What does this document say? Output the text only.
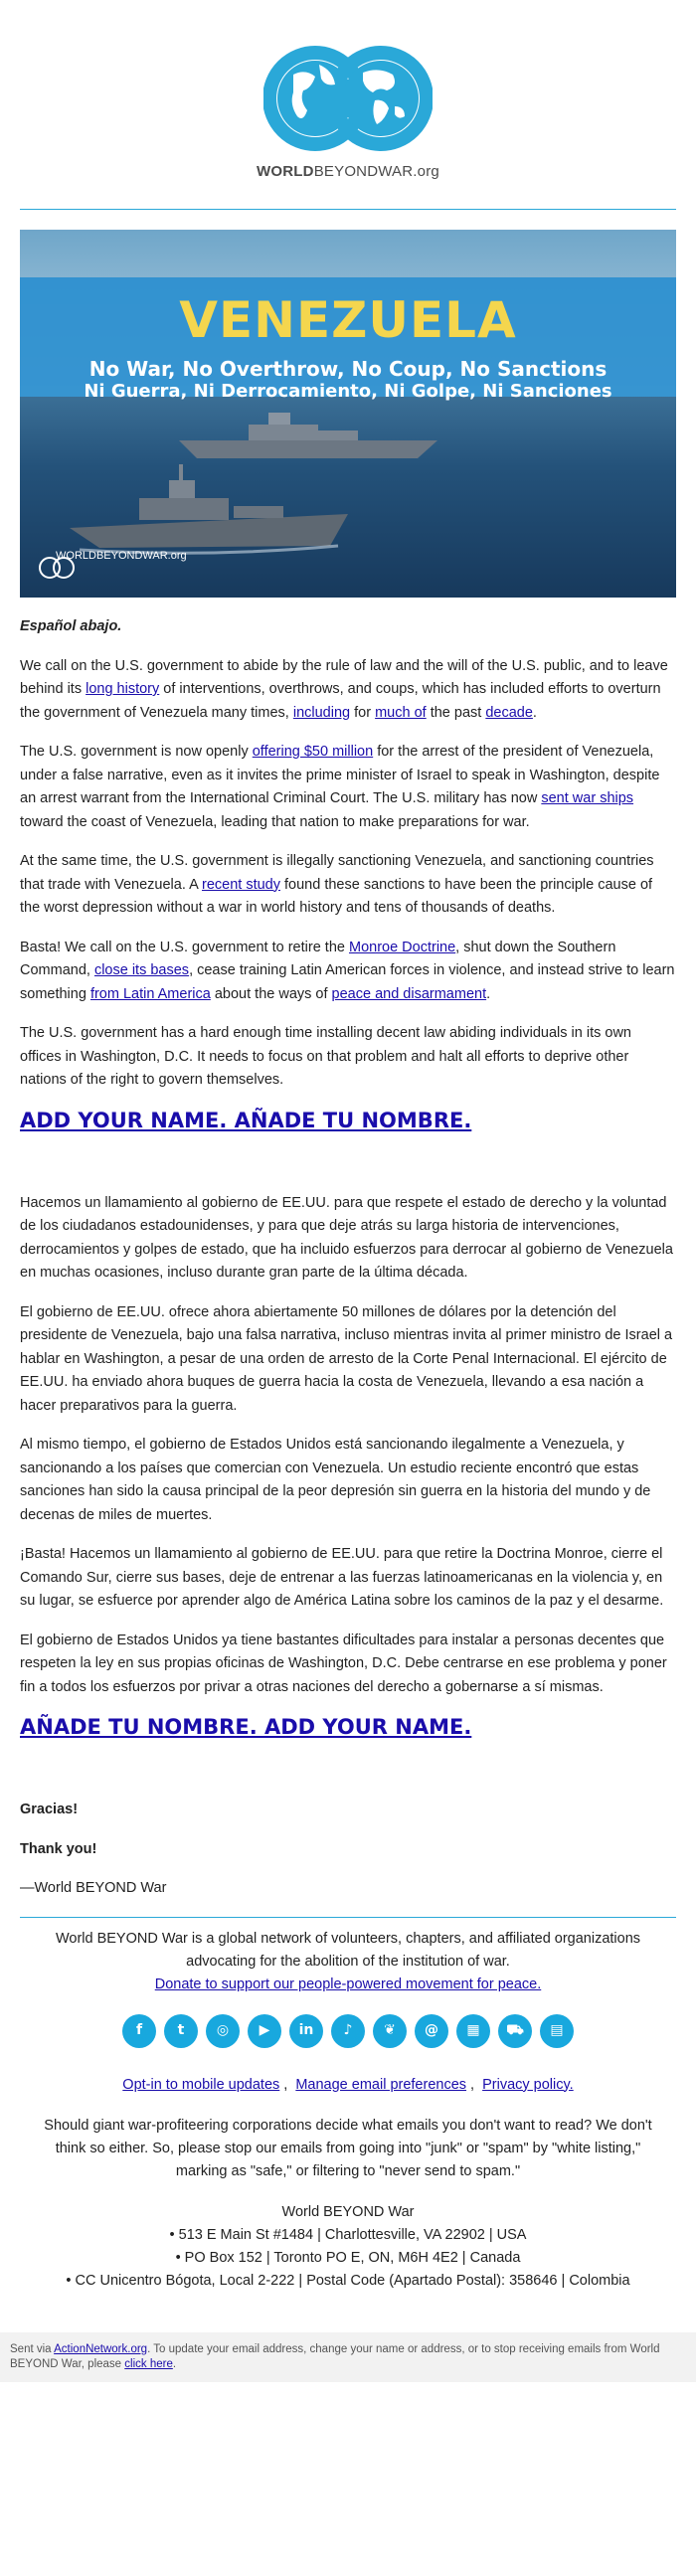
WORLDBEYONDWAR.org
VENEZUELA
No War, No Overthrow, No Coup, No Sanctions
Ni Guerra, Ni Derrocamiento, Ni Golpe, Ni Sanciones
WORLDBEYONDWAR.org

Español abajo.

We call on the U.S. government to abide by the rule of law and the will of the U.S. public, and to leave behind its long history of interventions, overthrows, and coups, which has included efforts to overturn the government of Venezuela many times, including for much of the past decade.

The U.S. government is now openly offering $50 million for the arrest of the president of Venezuela, under a false narrative, even as it invites the prime minister of Israel to speak in Washington, despite an arrest warrant from the International Criminal Court. The U.S. military has now sent war ships toward the coast of Venezuela, leading that nation to make preparations for war.

At the same time, the U.S. government is illegally sanctioning Venezuela, and sanctioning countries that trade with Venezuela. A recent study found these sanctions to have been the principle cause of the worst depression without a war in world history and tens of thousands of deaths.

Basta! We call on the U.S. government to retire the Monroe Doctrine, shut down the Southern Command, close its bases, cease training Latin American forces in violence, and instead strive to learn something from Latin America about the ways of peace and disarmament.

The U.S. government has a hard enough time installing decent law abiding individuals in its own offices in Washington, D.C. It needs to focus on that problem and halt all efforts to deprive other nations of the right to govern themselves.

ADD YOUR NAME. AÑADE TU NOMBRE.

Hacemos un llamamiento al gobierno de EE.UU. para que respete el estado de derecho y la voluntad de los ciudadanos estadounidenses, y para que deje atrás su larga historia de intervenciones, derrocamientos y golpes de estado, que ha incluido esfuerzos para derrocar al gobierno de Venezuela en muchas ocasiones, incluso durante gran parte de la última década.

El gobierno de EE.UU. ofrece ahora abiertamente 50 millones de dólares por la detención del presidente de Venezuela, bajo una falsa narrativa, incluso mientras invita al primer ministro de Israel a hablar en Washington, a pesar de una orden de arresto de la Corte Penal Internacional. El ejército de EE.UU. ha enviado ahora buques de guerra hacia la costa de Venezuela, llevando a esa nación a hacer preparativos para la guerra.

Al mismo tiempo, el gobierno de Estados Unidos está sancionando ilegalmente a Venezuela, y sancionando a los países que comercian con Venezuela. Un estudio reciente encontró que estas sanciones han sido la causa principal de la peor depresión sin guerra en la historia del mundo y de decenas de miles de muertes.

¡Basta! Hacemos un llamamiento al gobierno de EE.UU. para que retire la Doctrina Monroe, cierre el Comando Sur, cierre sus bases, deje de entrenar a las fuerzas latinoamericanas en la violencia y, en su lugar, se esfuerce por aprender algo de América Latina sobre los caminos de la paz y el desarme.

El gobierno de Estados Unidos ya tiene bastantes dificultades para instalar a personas decentes que respeten la ley en sus propias oficinas de Washington, D.C. Debe centrarse en ese problema y poner fin a todos los esfuerzos por privar a otras naciones del derecho a gobernarse a sí mismas.

AÑADE TU NOMBRE. ADD YOUR NAME.

Gracias!

Thank you!

—World BEYOND War

World BEYOND War is a global network of volunteers, chapters, and affiliated organizations advocating for the abolition of the institution of war.
Donate to support our people-powered movement for peace.
f	t	◎	▶	in	♪	❦	@	▦	⛟	▤
Opt-in to mobile updates , Manage email preferences , Privacy policy.
Should giant war-profiteering corporations decide what emails you don't want to read? We don't think so either. So, please stop our emails from going into "junk" or "spam" by "white listing," marking as "safe," or filtering to "never send to spam."
World BEYOND War
• 513 E Main St #1484 | Charlottesville, VA 22902 | USA
• PO Box 152 | Toronto PO E, ON, M6H 4E2 | Canada
• CC Unicentro Bógota, Local 2-222 | Postal Code (Apartado Postal): 358646 | Colombia
Sent via ActionNetwork.org. To update your email address, change your name or address, or to stop receiving emails from World BEYOND War, please click here.
